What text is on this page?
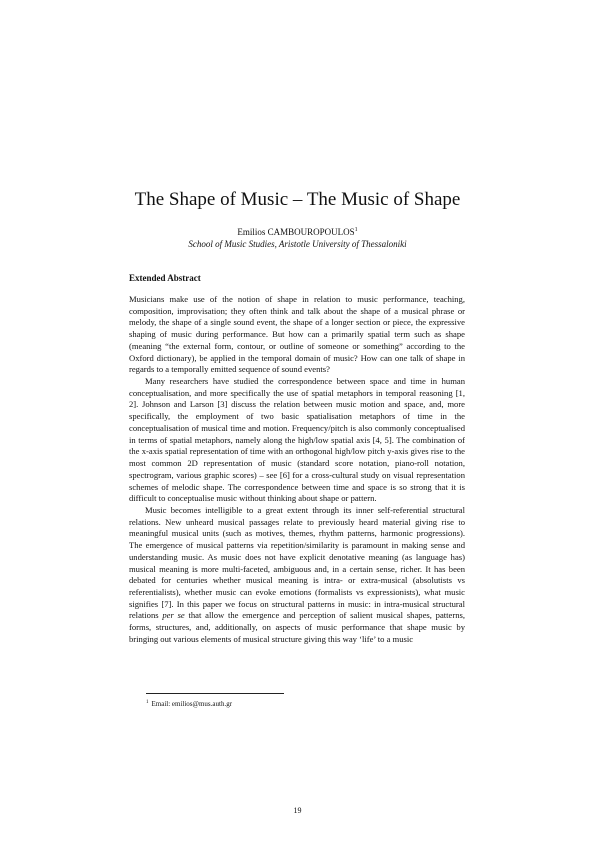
The Shape of Music – The Music of Shape
Emilios CAMBOUROPOULOS$^1$
School of Music Studies, Aristotle University of Thessaloniki
Extended Abstract

Musicians make use of the notion of shape in relation to music performance, teaching, composition, improvisation; they often think and talk about the shape of a musical phrase or melody, the shape of a single sound event, the shape of a longer section or piece, the expressive shaping of music during performance. But how can a primarily spatial term such as shape (meaning “the external form, contour, or outline of someone or something” according to the Oxford dictionary), be applied in the temporal domain of music? How can one talk of shape in regards to a temporally emitted sequence of sound events?

Many researchers have studied the correspondence between space and time in human conceptualisation, and more specifically the use of spatial metaphors in temporal reasoning [1, 2]. Johnson and Larson [3] discuss the relation between music motion and space, and, more specifically, the employment of two basic spatialisation metaphors of time in the conceptualisation of musical time and motion. Frequency/pitch is also commonly conceptualised in terms of spatial metaphors, namely along the high/low spatial axis [4, 5]. The combination of the x-axis spatial representation of time with an orthogonal high/low pitch y-axis gives rise to the most common 2D representation of music (standard score notation, piano-roll notation, spectrogram, various graphic scores) – see [6] for a cross-cultural study on visual representation schemes of melodic shape. The correspondence between time and space is so strong that it is difficult to conceptualise music without thinking about shape or pattern.

Music becomes intelligible to a great extent through its inner self-referential structural relations. New unheard musical passages relate to previously heard material giving rise to meaningful musical units (such as motives, themes, rhythm patterns, harmonic progressions). The emergence of musical patterns via repetition/similarity is paramount in making sense and understanding music. As music does not have explicit denotative meaning (as language has) musical meaning is more multi-faceted, ambiguous and, in a certain sense, richer. It has been debated for centuries whether musical meaning is intra- or extra-musical (absolutists vs referentialists), whether music can evoke emotions (formalists vs expressionists), what music signifies [7]. In this paper we focus on structural patterns in music: in intra-musical structural relations per se that allow the emergence and perception of salient musical shapes, patterns, forms, structures, and, additionally, on aspects of music performance that shape music by bringing out various elements of musical structure giving this way ‘life’ to a music

$^1$ Email: emilios@mus.auth.gr
19
